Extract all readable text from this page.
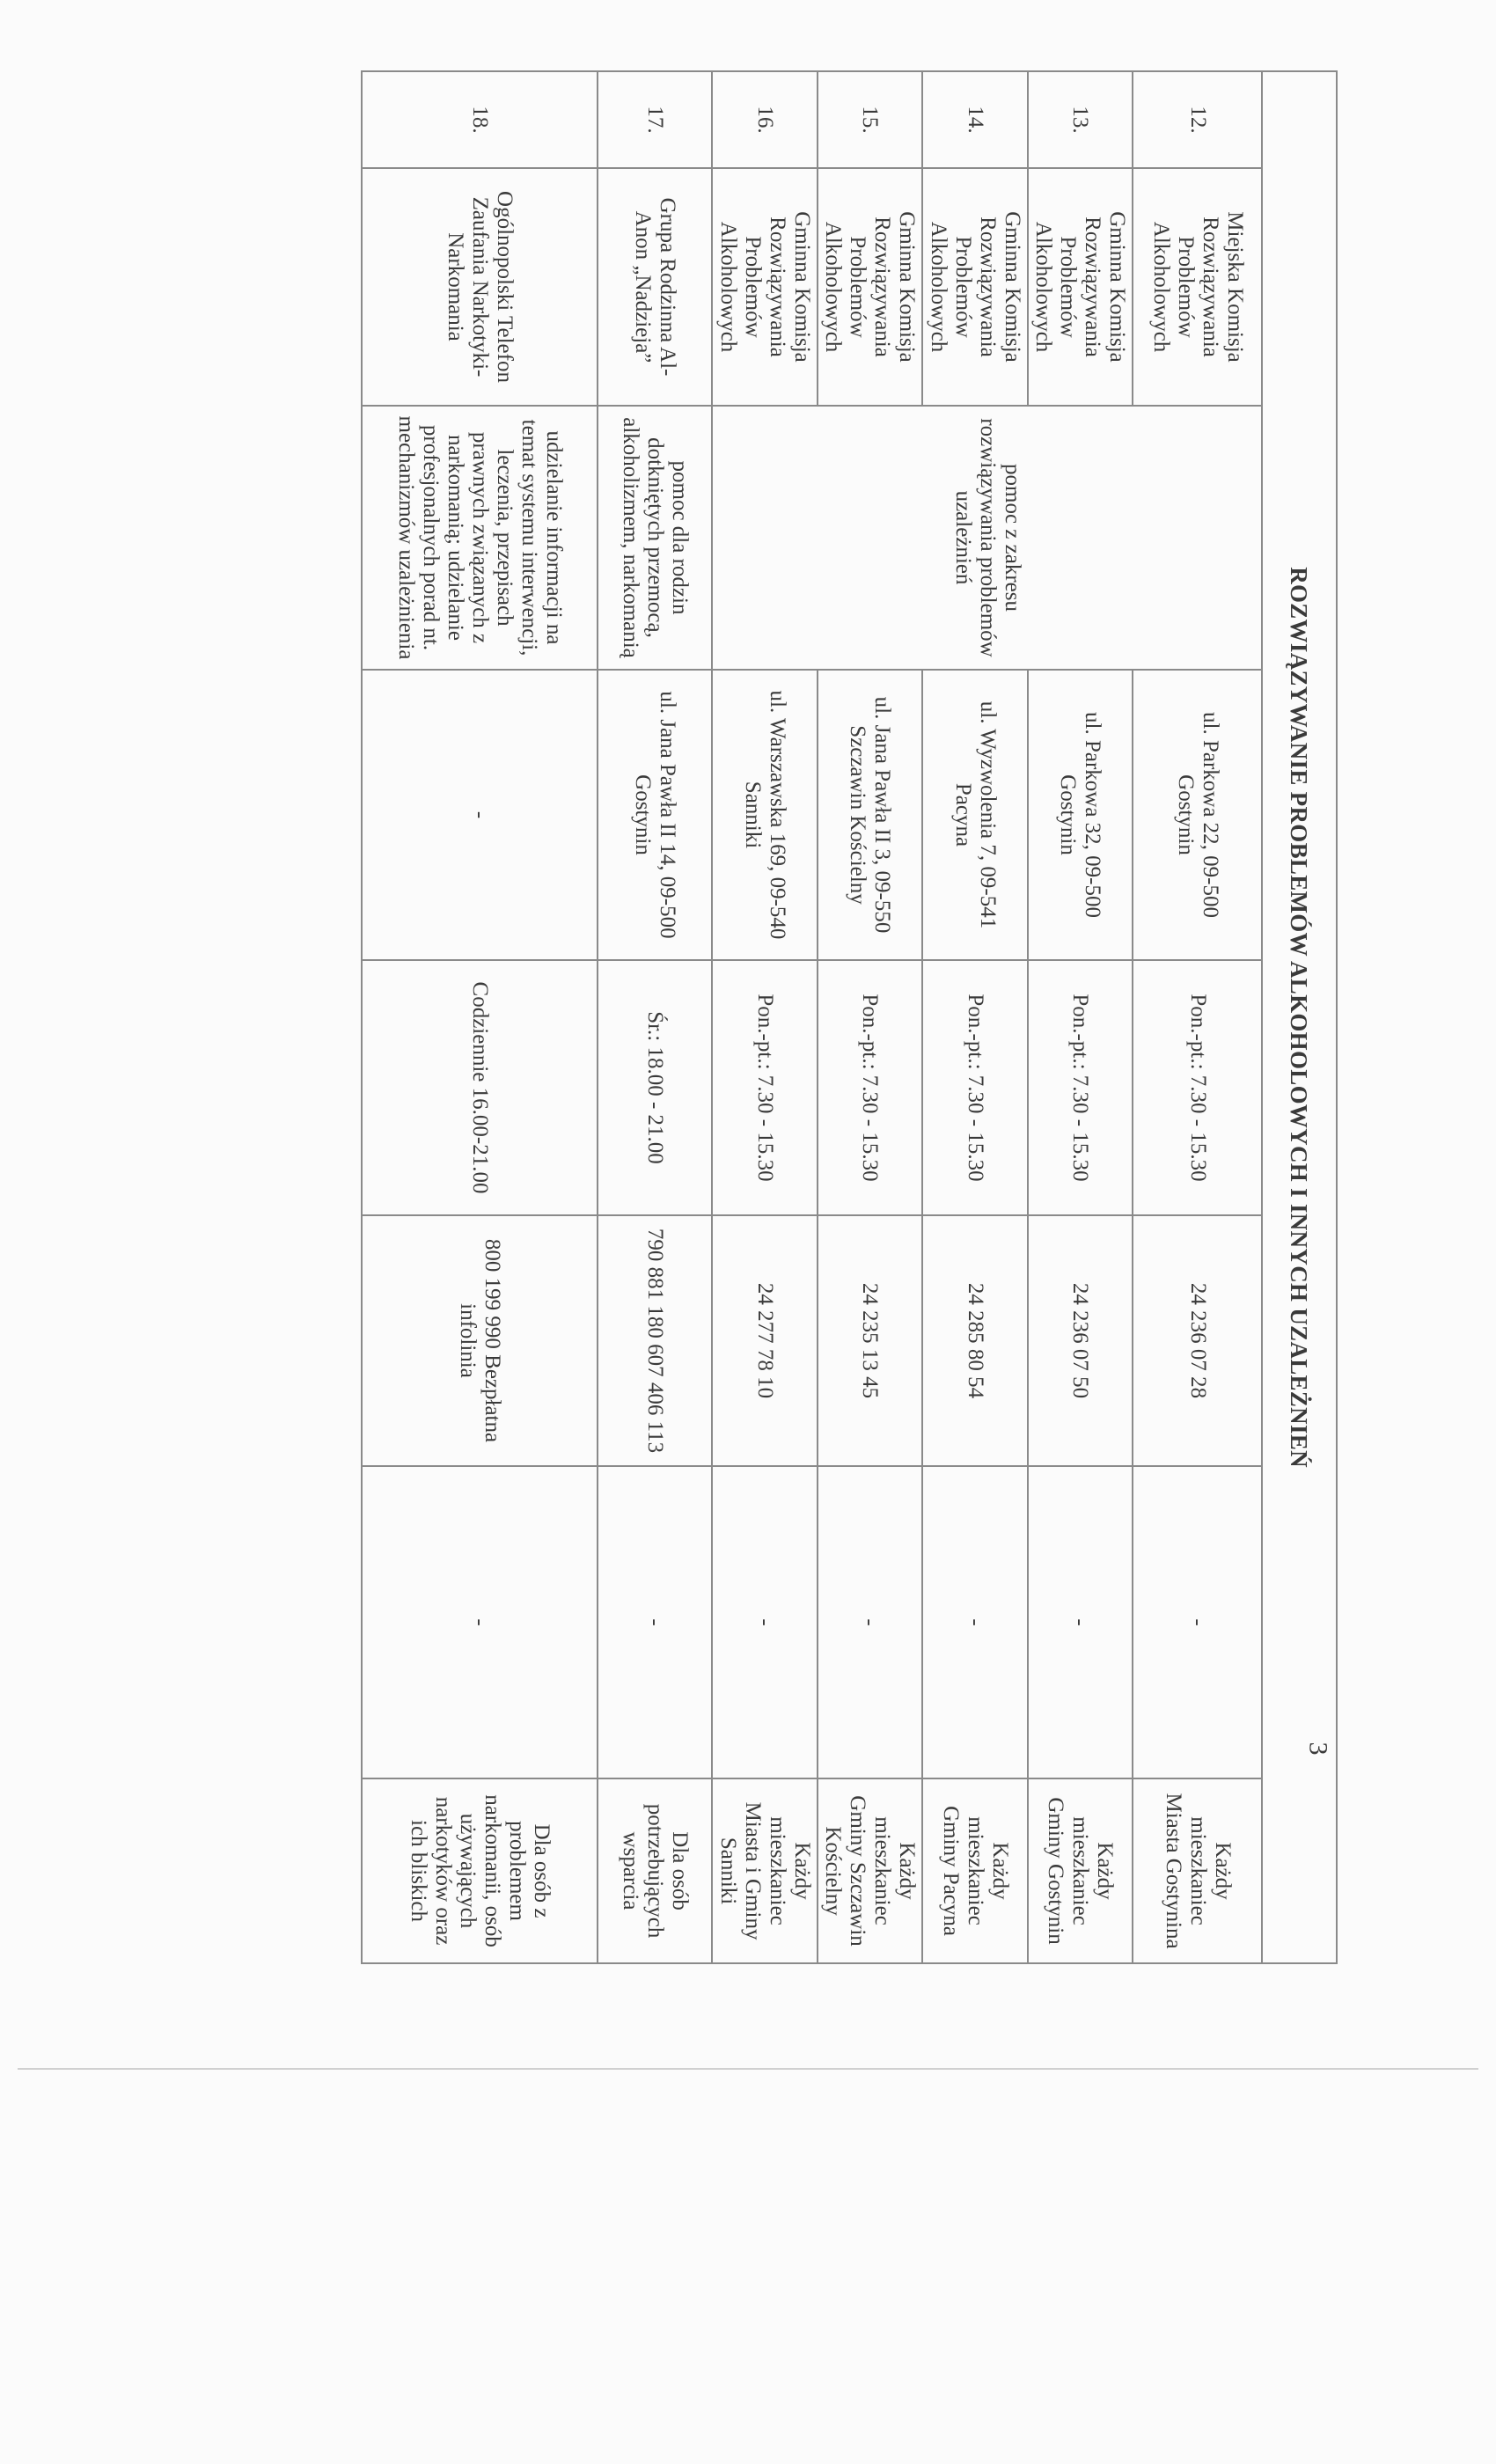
ROZWIĄZYWANIE PROBLEMÓW ALKOHOLOWYCH I INNYCH UZALEŻNIEŃ							
12.	Miejska Komisja Rozwiązywania Problemów Alkoholowych	pomoc z zakresu rozwiązywania problemów uzależnień	ul. Parkowa 22, 09-500 Gostynin	Pon.-pt.: 7.30 - 15.30	24 236 07 28	-	Każdy mieszkaniec Miasta Gostynina
13.	Gminna Komisja Rozwiązywania Problemów Alkoholowych		ul. Parkowa 32, 09-500 Gostynin	Pon.-pt.: 7.30 - 15.30	24 236 07 50	-	Każdy mieszkaniec Gminy Gostynin
14.	Gminna Komisja Rozwiązywania Problemów Alkoholowych		ul. Wyzwolenia 7, 09-541 Pacyna	Pon.-pt.: 7.30 - 15.30	24 285 80 54	-	Każdy mieszkaniec Gminy Pacyna
15.	Gminna Komisja Rozwiązywania Problemów Alkoholowych		ul. Jana Pawła II 3, 09-550 Szczawin Kościelny	Pon.-pt.: 7.30 - 15.30	24 235 13 45	-	Każdy mieszkaniec Gminy Szczawin Kościelny
16.	Gminna Komisja Rozwiązywania Problemów Alkoholowych		ul. Warszawska 169, 09-540 Sanniki	Pon.-pt.: 7.30 - 15.30	24 277 78 10	-	Każdy mieszkaniec Miasta i Gminy Sanniki
17.	Grupa Rodzinna Al-Anon „Nadzieja”	pomoc dla rodzin dotkniętych przemocą, alkoholizmem, narkomanią	ul. Jana Pawła II 14, 09-500 Gostynin	Śr.: 18.00 - 21.00	790 881 180 607 406 113	-	Dla osób potrzebujących wsparcia
18.	Ogólnopolski Telefon Zaufania Narkotyki-Narkomania	udzielanie informacji na temat systemu interwencji, leczenia, przepisach prawnych związanych z narkomanią; udzielanie profesjonalnych porad nt. mechanizmów uzależnienia	-	Codziennie 16.00-21.00	800 199 990 Bezpłatna infolinia	-	Dla osób z problemem narkomanii, osób używających narkotyków oraz ich bliskich
3
